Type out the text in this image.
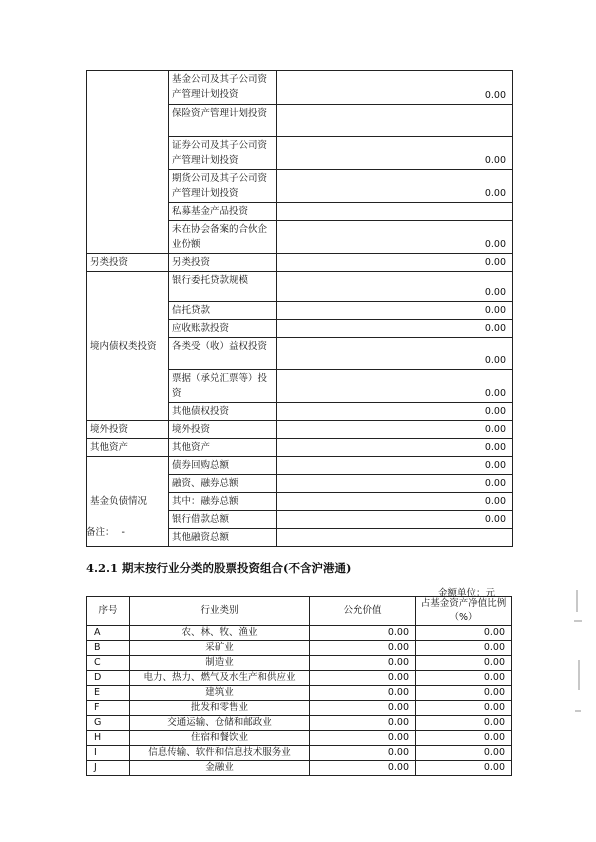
	基金公司及其子公司资产管理计划投资	0.00
	保险资产管理计划投资	
	证券公司及其子公司资产管理计划投资	0.00
	期货公司及其子公司资产管理计划投资	0.00
	私募基金产品投资	
	未在协会备案的合伙企业份额	0.00
另类投资	另类投资	0.00
境内债权类投资	银行委托贷款规模	0.00
	信托贷款	0.00
	应收账款投资	0.00
	各类受（收）益权投资	0.00
	票据（承兑汇票等）投资	0.00
	其他债权投资	0.00
境外投资	境外投资	0.00
其他资产	其他资产	0.00
基金负债情况	债券回购总额	0.00
	融资、融券总额	0.00
	其中：融券总额	0.00
	银行借款总额	0.00
	其他融资总额	
备注： -
4.2.1 期末按行业分类的股票投资组合(不含沪港通)
金额单位：元
序号	行业类别	公允价值	占基金资产净值比例（%）
A	农、林、牧、渔业	0.00	0.00
B	采矿业	0.00	0.00
C	制造业	0.00	0.00
D	电力、热力、燃气及水生产和供应业	0.00	0.00
E	建筑业	0.00	0.00
F	批发和零售业	0.00	0.00
G	交通运输、仓储和邮政业	0.00	0.00
H	住宿和餐饮业	0.00	0.00
I	信息传输、软件和信息技术服务业	0.00	0.00
J	金融业	0.00	0.00
